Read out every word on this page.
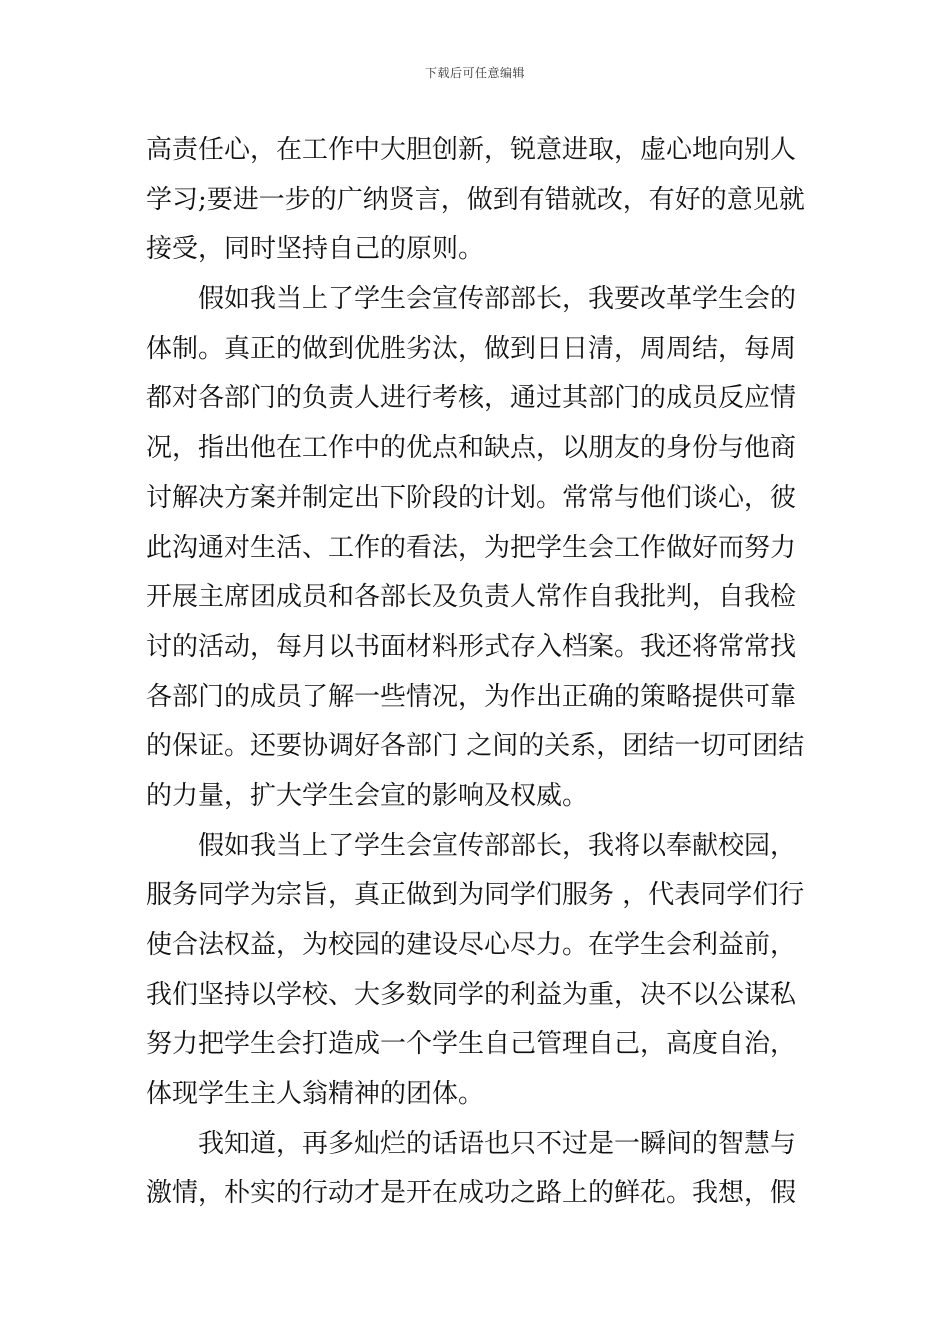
下载后可任意编辑
高责任心，在工作中大胆创新，锐意进取，虚心地向别人
学习;要进一步的广纳贤言，做到有错就改，有好的意见就
接受，同时坚持自己的原则。
假如我当上了学生会宣传部部长，我要改革学生会的
体制。真正的做到优胜劣汰，做到日日清，周周结，每周
都对各部门的负责人进行考核，通过其部门的成员反应情
况，指出他在工作中的优点和缺点，以朋友的身份与他商
讨解决方案并制定出下阶段的计划。常常与他们谈心，彼
此沟通对生活、工作的看法，为把学生会工作做好而努力
开展主席团成员和各部长及负责人常作自我批判，自我检
讨的活动，每月以书面材料形式存入档案。我还将常常找
各部门的成员了解一些情况，为作出正确的策略提供可靠
的保证。还要协调好各部门 之间的关系，团结一切可团结
的力量，扩大学生会宣的影响及权威。
假如我当上了学生会宣传部部长，我将以奉献校园，
服务同学为宗旨，真正做到为同学们服务 ，代表同学们行
使合法权益，为校园的建设尽心尽力。在学生会利益前，
我们坚持以学校、大多数同学的利益为重，决不以公谋私
努力把学生会打造成一个学生自己管理自己，高度自治，
体现学生主人翁精神的团体。
我知道，再多灿烂的话语也只不过是一瞬间的智慧与
激情，朴实的行动才是开在成功之路上的鲜花。我想，假
